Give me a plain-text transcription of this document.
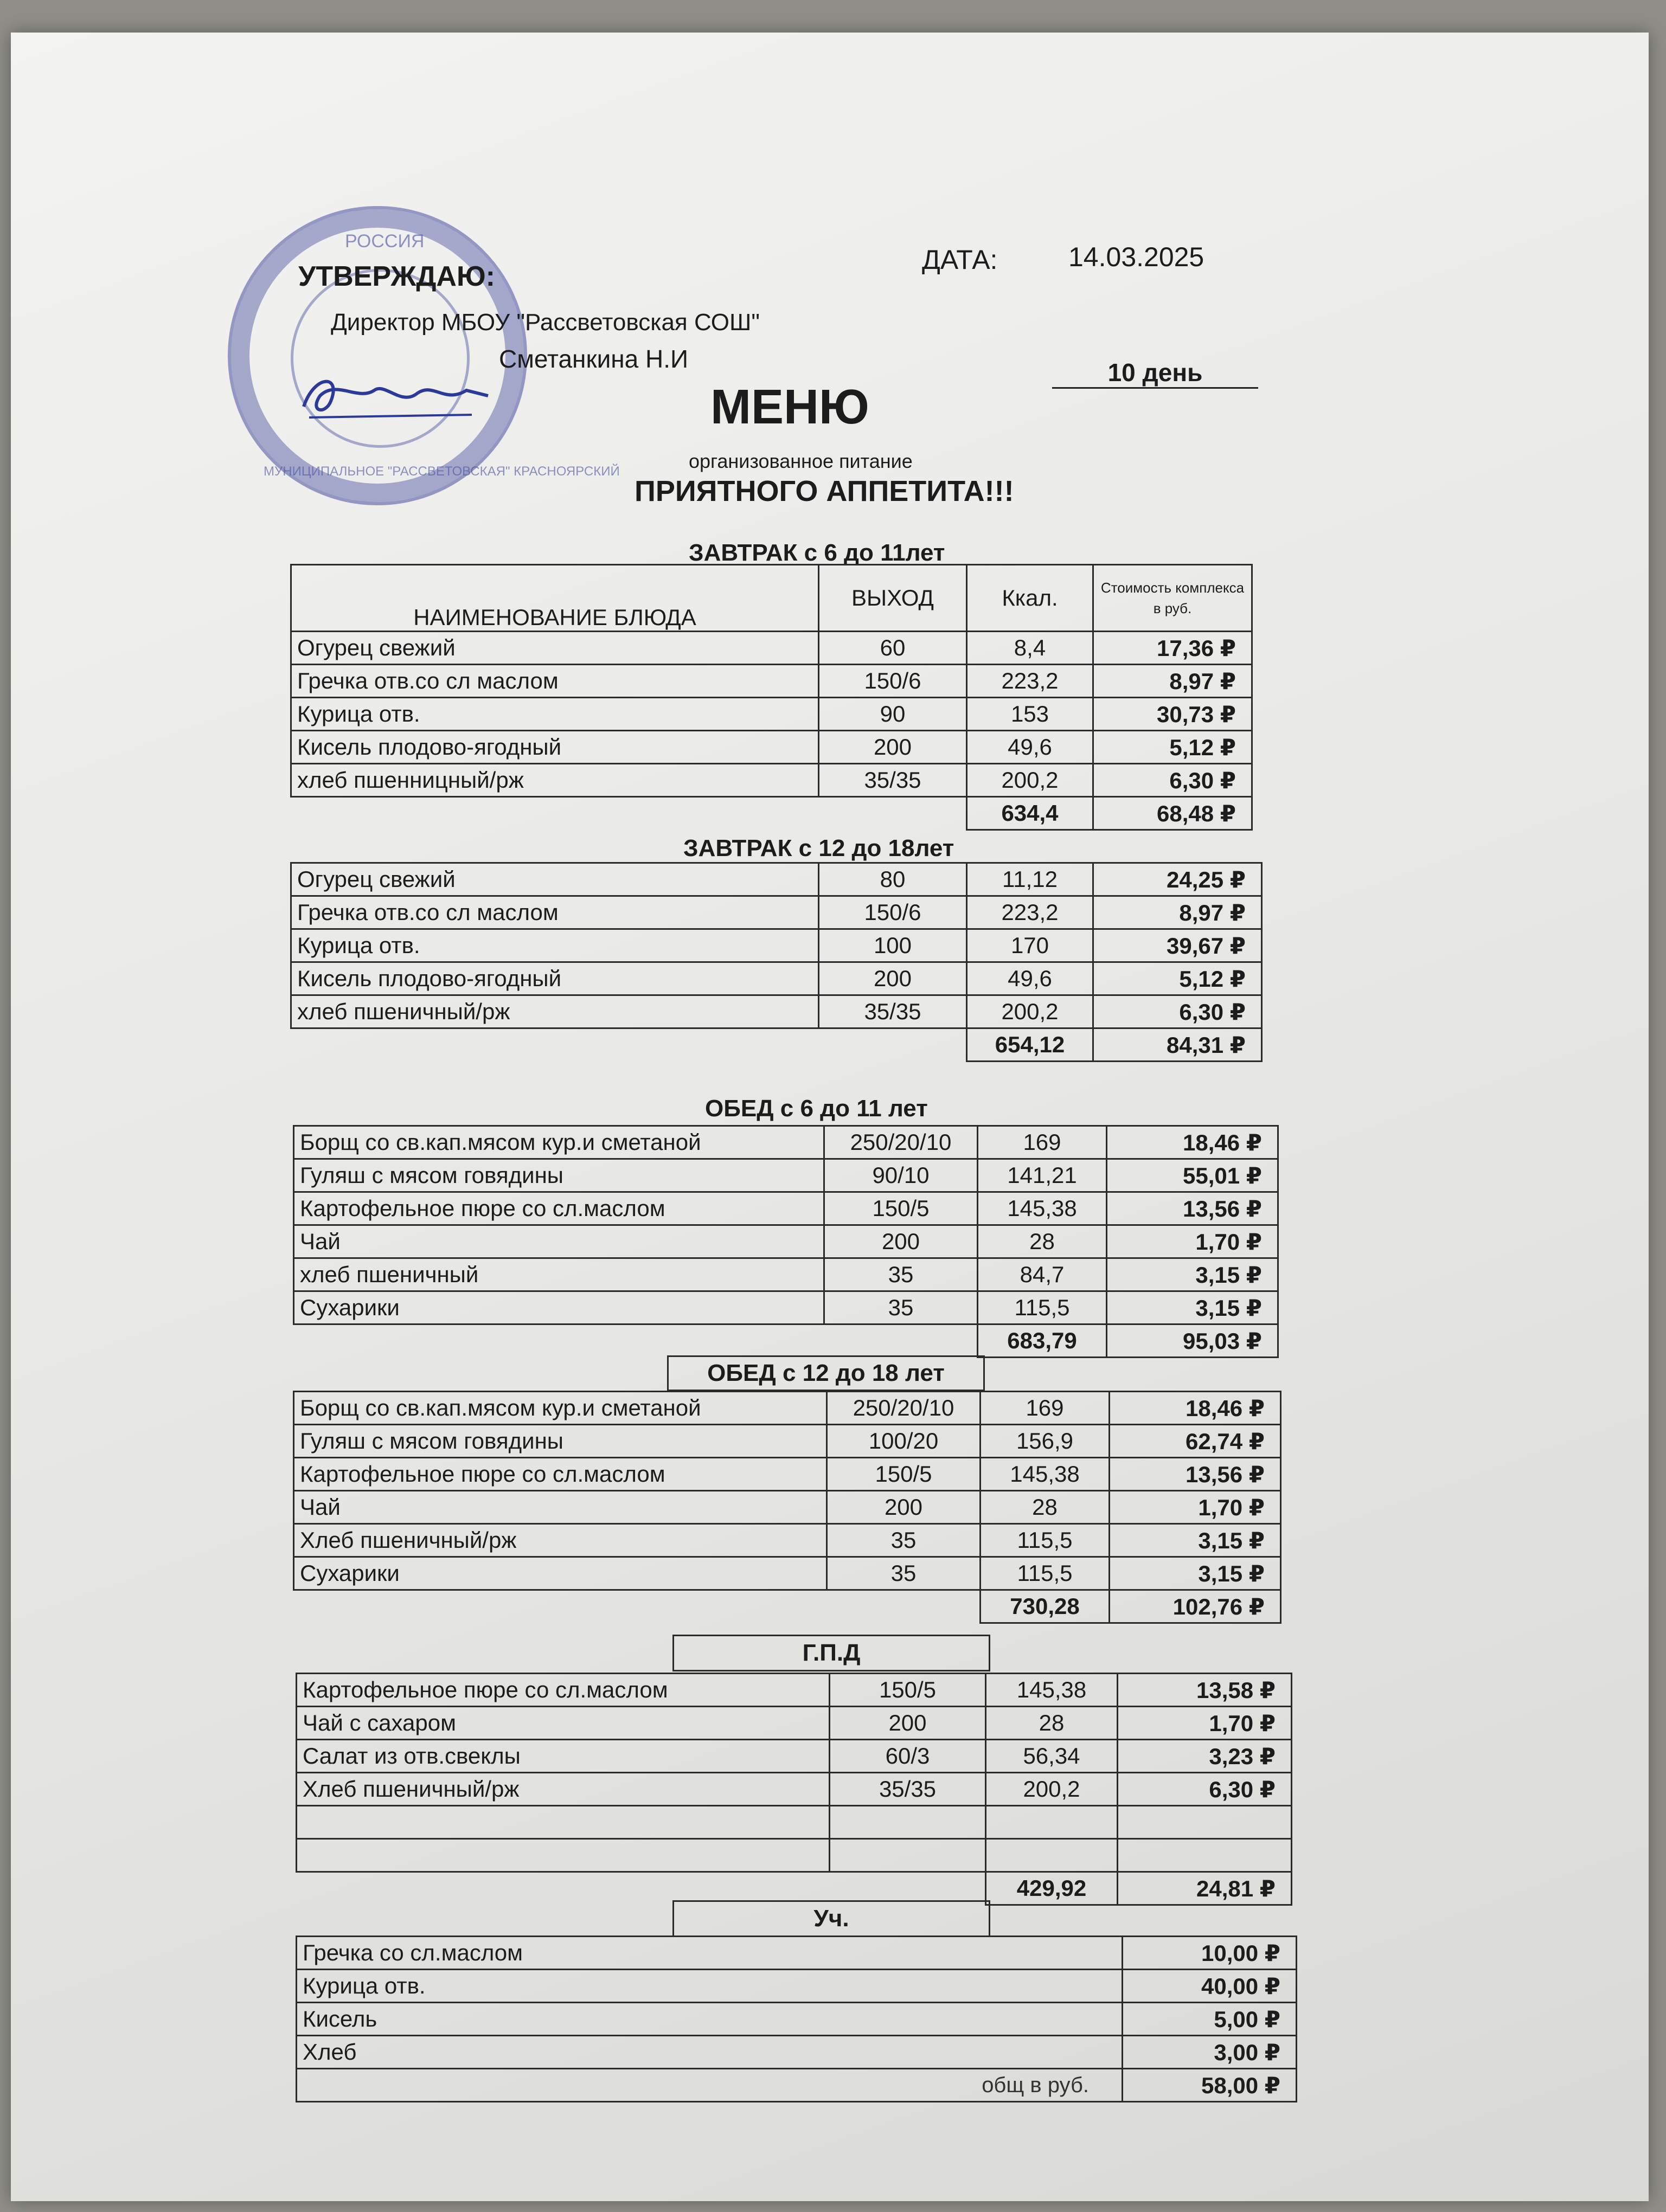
РОССИЯ
МУНИЦИПАЛЬНОЕ "РАССВЕТОВСКАЯ" КРАСНОЯРСКИЙ
УТВЕРЖДАЮ:
ДАТА:	14.03.2025
Директор МБОУ "Рассветовская СОШ"
Сметанкина Н.И	10 день
МЕНЮ
организованное питание
ПРИЯТНОГО АППЕТИТА!!!
ЗАВТРАК с 6 до 11лет
НАИМЕНОВАНИЕ БЛЮДА	ВЫХОД	Ккал.	Стоимость комплекса в руб.
Огурец свежий	60	8,4	17,36 ₽
Гречка отв.со сл маслом	150/6	223,2	8,97 ₽
Курица отв.	90	153	30,73 ₽
Кисель плодово-ягодный	200	49,6	5,12 ₽
хлеб пшенницный/рж	35/35	200,2	6,30 ₽
		634,4	68,48 ₽
ЗАВТРАК с 12 до 18лет
Огурец свежий	80	11,12	24,25 ₽
Гречка отв.со сл маслом	150/6	223,2	8,97 ₽
Курица отв.	100	170	39,67 ₽
Кисель плодово-ягодный	200	49,6	5,12 ₽
хлеб пшеничный/рж	35/35	200,2	6,30 ₽
		654,12	84,31 ₽
ОБЕД с 6 до 11 лет
Борщ со св.кап.мясом кур.и сметаной	250/20/10	169	18,46 ₽
Гуляш с мясом говядины	90/10	141,21	55,01 ₽
Картофельное пюре со сл.маслом	150/5	145,38	13,56 ₽
Чай	200	28	1,70 ₽
хлеб пшеничный	35	84,7	3,15 ₽
Сухарики	35	115,5	3,15 ₽
		683,79	95,03 ₽
ОБЕД с 12 до 18 лет
Борщ со св.кап.мясом кур.и сметаной	250/20/10	169	18,46 ₽
Гуляш с мясом говядины	100/20	156,9	62,74 ₽
Картофельное пюре со сл.маслом	150/5	145,38	13,56 ₽
Чай	200	28	1,70 ₽
Хлеб пшеничный/рж	35	115,5	3,15 ₽
Сухарики	35	115,5	3,15 ₽
		730,28	102,76 ₽
Г.П.Д
Картофельное пюре со сл.маслом	150/5	145,38	13,58 ₽
Чай с сахаром	200	28	1,70 ₽
Салат из отв.свеклы	60/3	56,34	3,23 ₽
Хлеб пшеничный/рж	35/35	200,2	6,30 ₽

		429,92	24,81 ₽
Уч.
Гречка со сл.маслом	10,00 ₽
Курица отв.	40,00 ₽
Кисель	5,00 ₽
Хлеб	3,00 ₽
общ в руб.	58,00 ₽
